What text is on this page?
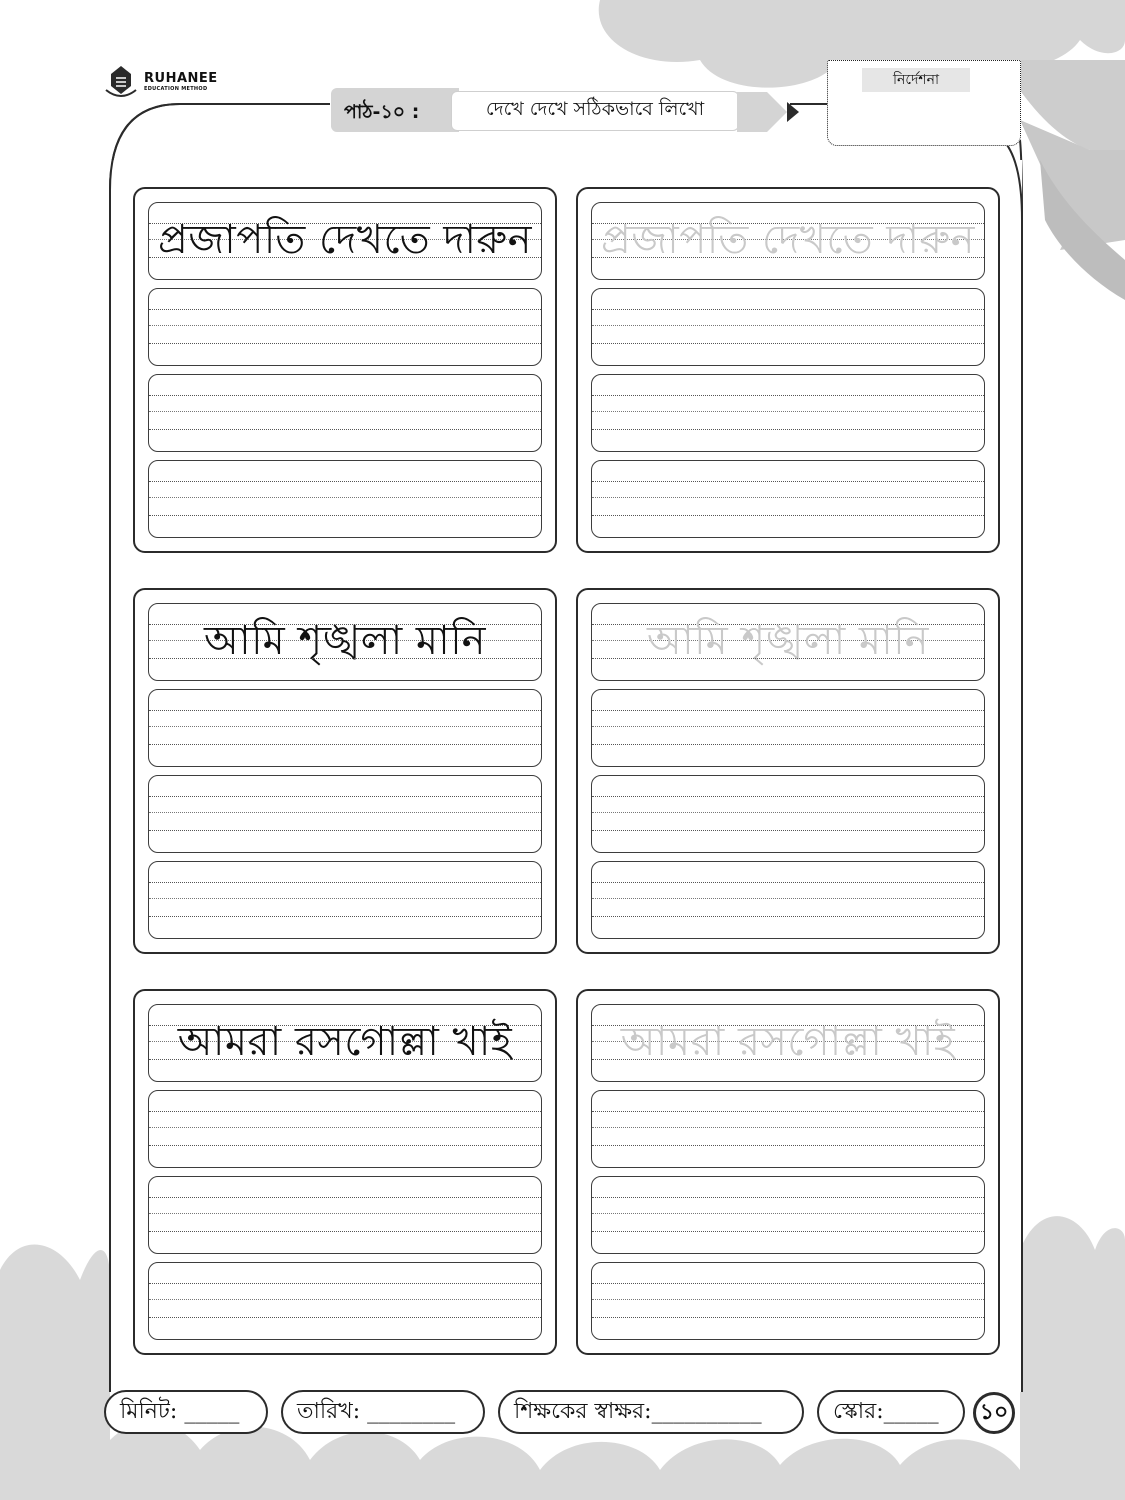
RUHANEE
EDUCATION METHOD
পাঠ-১০ :	দেখে দেখে সঠিকভাবে লিখো
নির্দেশনা
প্রজাপতি দেখতে দারুন প্রজাপতি দেখতে দারুন
আমি শৃঙ্খলা মানি	আমি শৃঙ্খলা মানি
আমরা রসগোল্লা খাই	আমরা রসগোল্লা খাই
মিনিট: _____	তারিখ: ________	শিক্ষকের স্বাক্ষর:__________	স্কোর:_____	১০
